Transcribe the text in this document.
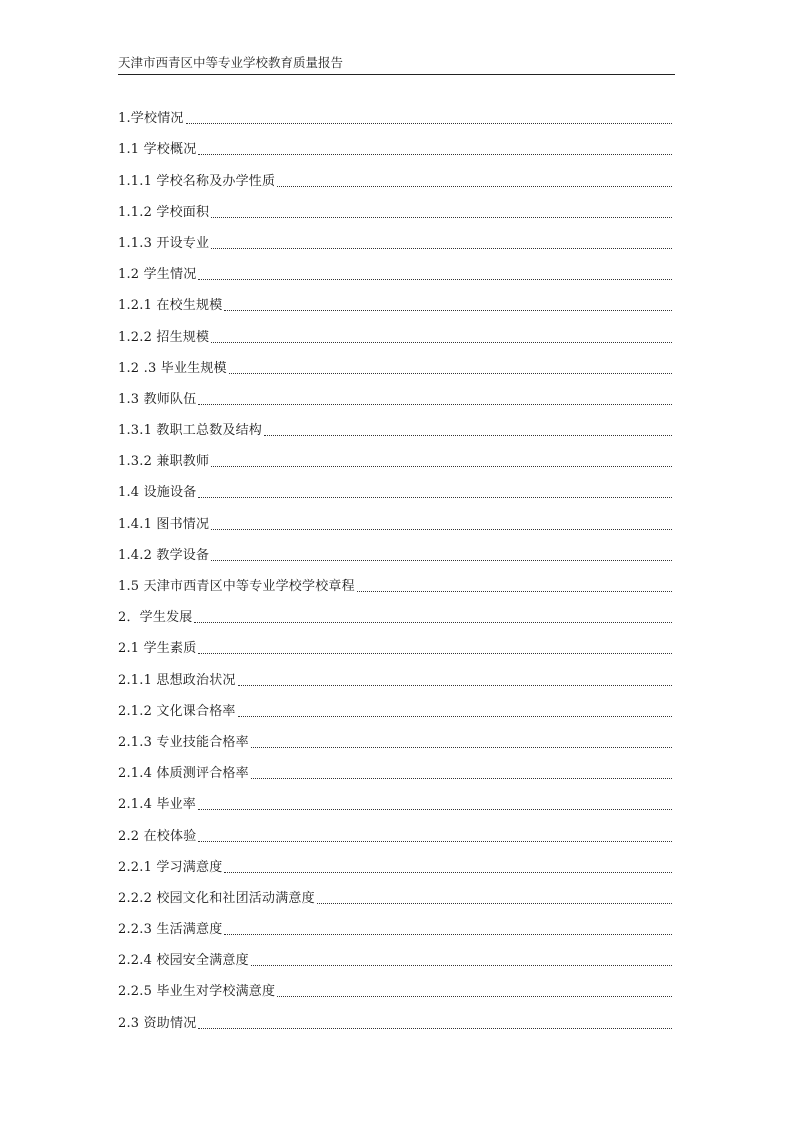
天津市西青区中等专业学校教育质量报告
1.学校情况
1.1 学校概况
1.1.1 学校名称及办学性质
1.1.2 学校面积
1.1.3 开设专业
1.2 学生情况
1.2.1 在校生规模
1.2.2 招生规模
1.2 .3 毕业生规模
1.3 教师队伍
1.3.1 教职工总数及结构
1.3.2 兼职教师
1.4 设施设备
1.4.1 图书情况
1.4.2 教学设备
1.5 天津市西青区中等专业学校学校章程
2．学生发展
2.1 学生素质
2.1.1 思想政治状况
2.1.2 文化课合格率
2.1.3 专业技能合格率
2.1.4 体质测评合格率
2.1.4 毕业率
2.2 在校体验
2.2.1 学习满意度
2.2.2 校园文化和社团活动满意度
2.2.3 生活满意度
2.2.4 校园安全满意度
2.2.5 毕业生对学校满意度
2.3 资助情况
